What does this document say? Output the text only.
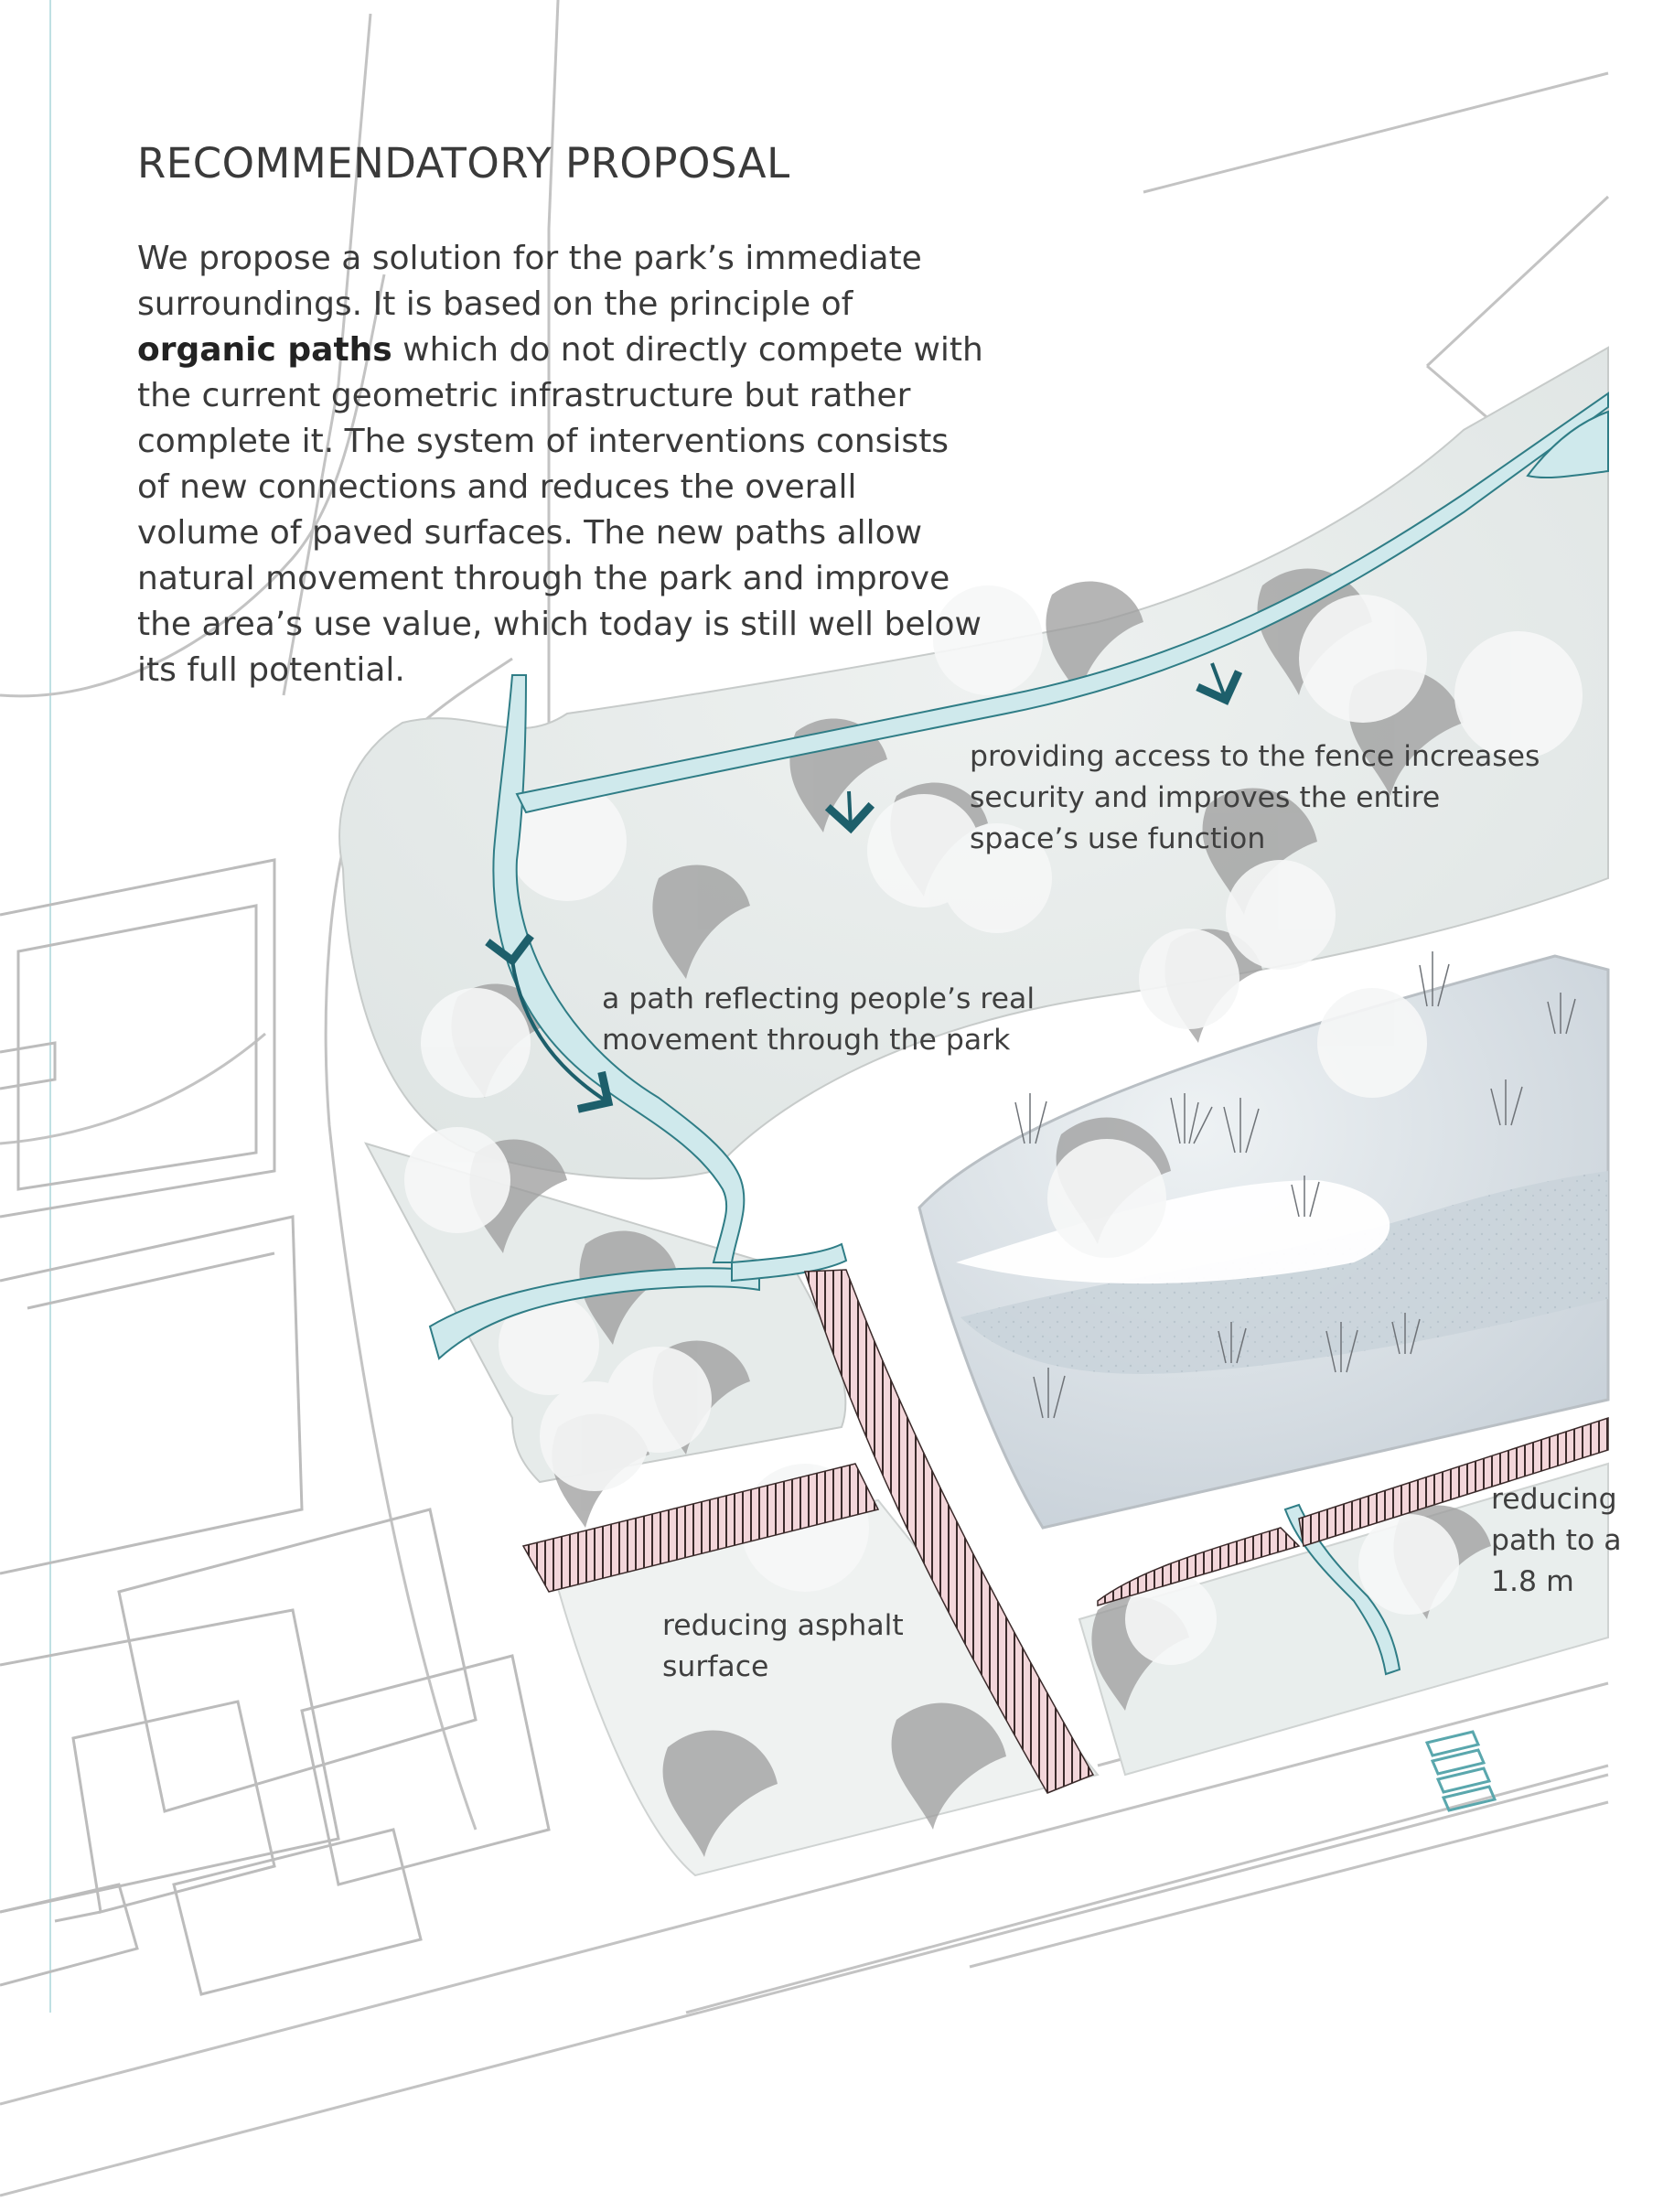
RECOMMENDATORY PROPOSAL

We propose a solution for the park’s immediate surroundings. It is based on the principle of organic paths which do not directly compete with the current geometric infrastructure but rather complete it. The system of interventions consists of new connections and reduces the overall volume of paved surfaces. The new paths allow natural movement through the park and improve the area’s use value, which today is still well below its full potential.

providing access to the fence increases security and improves the entire space’s use function

a path reflecting people’s real movement through the park

reducing asphalt surface

reducing path to a 1.8 m
